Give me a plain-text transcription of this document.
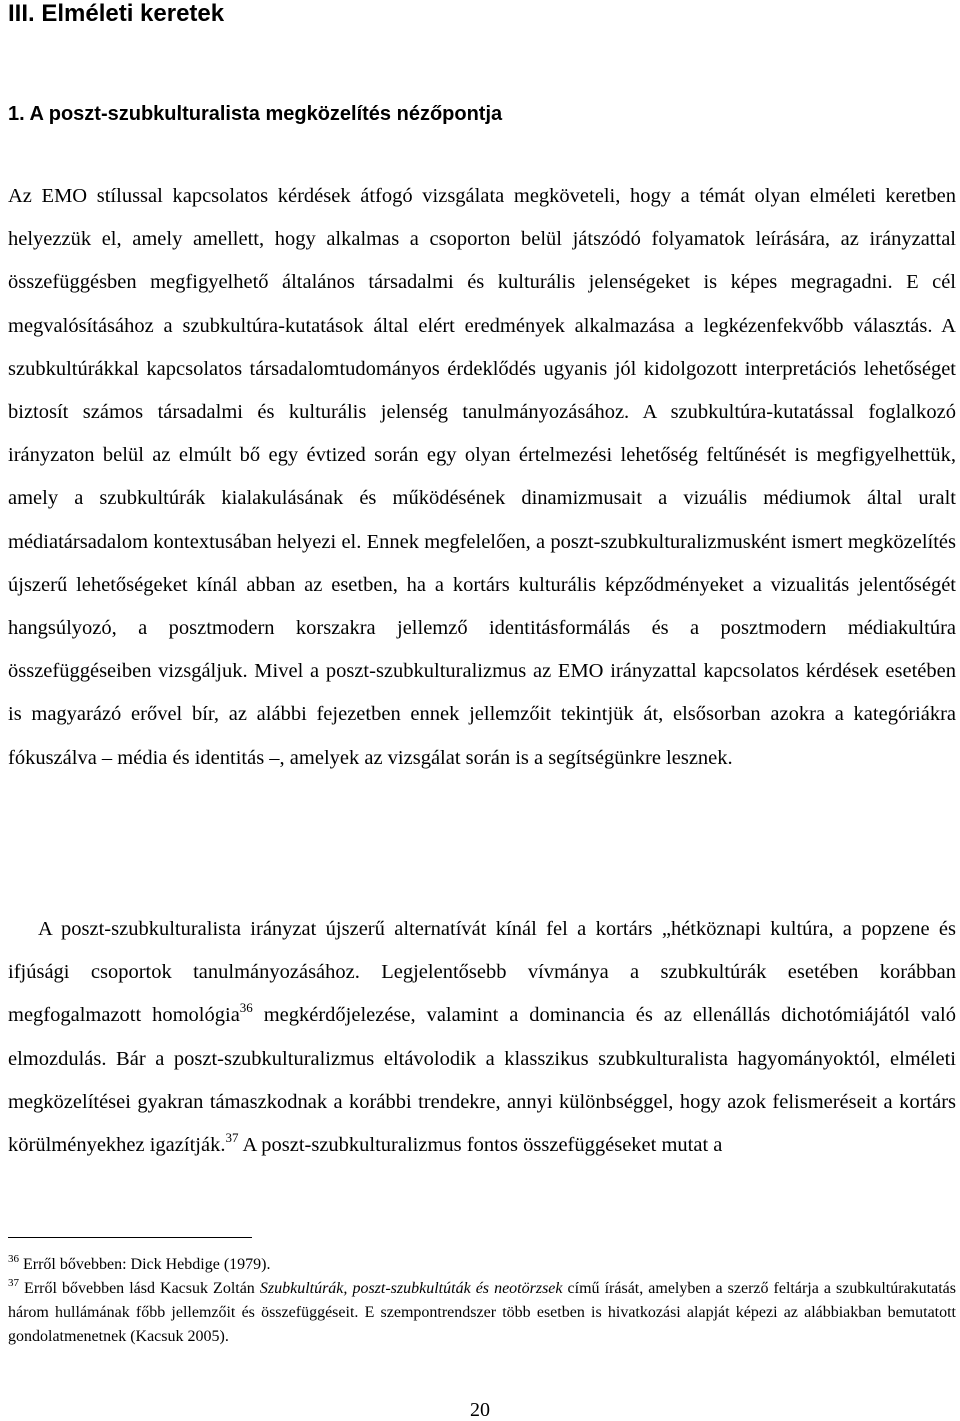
III. Elméleti keretek
1. A poszt-szubkulturalista megközelítés nézőpontja

Az EMO stílussal kapcsolatos kérdések átfogó vizsgálata megköveteli, hogy a témát olyan elméleti keretben helyezzük el, amely amellett, hogy alkalmas a csoporton belül játszódó folyamatok leírására, az irányzattal összefüggésben megfigyelhető általános társadalmi és kulturális jelenségeket is képes megragadni. E cél megvalósításához a szubkultúra-kutatások által elért eredmények alkalmazása a legkézenfekvőbb választás. A szubkultúrákkal kapcsolatos társadalomtudományos érdeklődés ugyanis jól kidolgozott interpretációs lehetőséget biztosít számos társadalmi és kulturális jelenség tanulmányozásához. A szubkultúra-kutatással foglalkozó irányzaton belül az elmúlt bő egy évtized során egy olyan értelmezési lehetőség feltűnését is megfigyelhettük, amely a szubkultúrák kialakulásának és működésének dinamizmusait a vizuális médiumok által uralt médiatársadalom kontextusában helyezi el. Ennek megfelelően, a poszt-szubkulturalizmusként ismert megközelítés újszerű lehetőségeket kínál abban az esetben, ha a kortárs kulturális képződményeket a vizualitás jelentőségét hangsúlyozó, a posztmodern korszakra jellemző identitásformálás és a posztmodern médiakultúra összefüggéseiben vizsgáljuk. Mivel a poszt-szubkulturalizmus az EMO irányzattal kapcsolatos kérdések esetében is magyarázó erővel bír, az alábbi fejezetben ennek jellemzőit tekintjük át, elsősorban azokra a kategóriákra fókuszálva – média és identitás –, amelyek az vizsgálat során is a segítségünkre lesznek.

A poszt-szubkulturalista irányzat újszerű alternatívát kínál fel a kortárs „hétköznapi kultúra, a popzene és ifjúsági csoportok tanulmányozásához. Legjelentősebb vívmánya a szubkultúrák esetében korábban megfogalmazott homológia$^{36}$ megkérdőjelezése, valamint a dominancia és az ellenállás dichotómiájától való elmozdulás. Bár a poszt-szubkulturalizmus eltávolodik a klasszikus szubkulturalista hagyományoktól, elméleti megközelítései gyakran támaszkodnak a korábbi trendekre, annyi különbséggel, hogy azok felismeréseit a kortárs körülményekhez igazítják.$^{37}$ A poszt-szubkulturalizmus fontos összefüggéseket mutat a

$^{36}$ Erről bővebben: Dick Hebdige (1979).

$^{37}$ Erről bővebben lásd Kacsuk Zoltán Szubkultúrák, poszt-szubkultúták és neotörzsek című írását, amelyben a szerző feltárja a szubkultúrakutatás három hullámának főbb jellemzőit és összefüggéseit. E szempontrendszer több esetben is hivatkozási alapját képezi az alábbiakban bemutatott gondolatmenetnek (Kacsuk 2005).

20
